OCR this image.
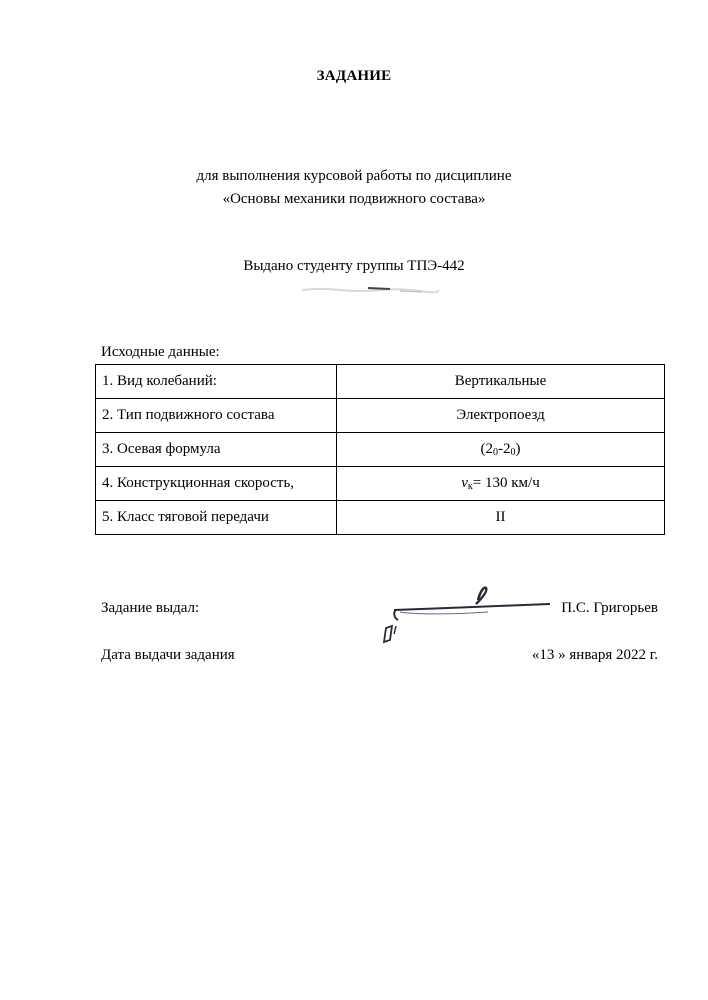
ЗАДАНИЕ
для выполнения курсовой работы по дисциплине
«Основы механики подвижного состава»
Выдано студенту группы ТПЭ-442
Исходные данные:
1. Вид колебаний:	Вертикальные
2. Тип подвижного состава	Электропоезд
3. Осевая формула	$(2_0-2_0)$
4. Конструкционная скорость,	$v_к= 130$ км/ч
5. Класс тяговой передачи	II
Задание выдал:	П.С. Григорьев
Дата выдачи задания	«13 » января 2022 г.
